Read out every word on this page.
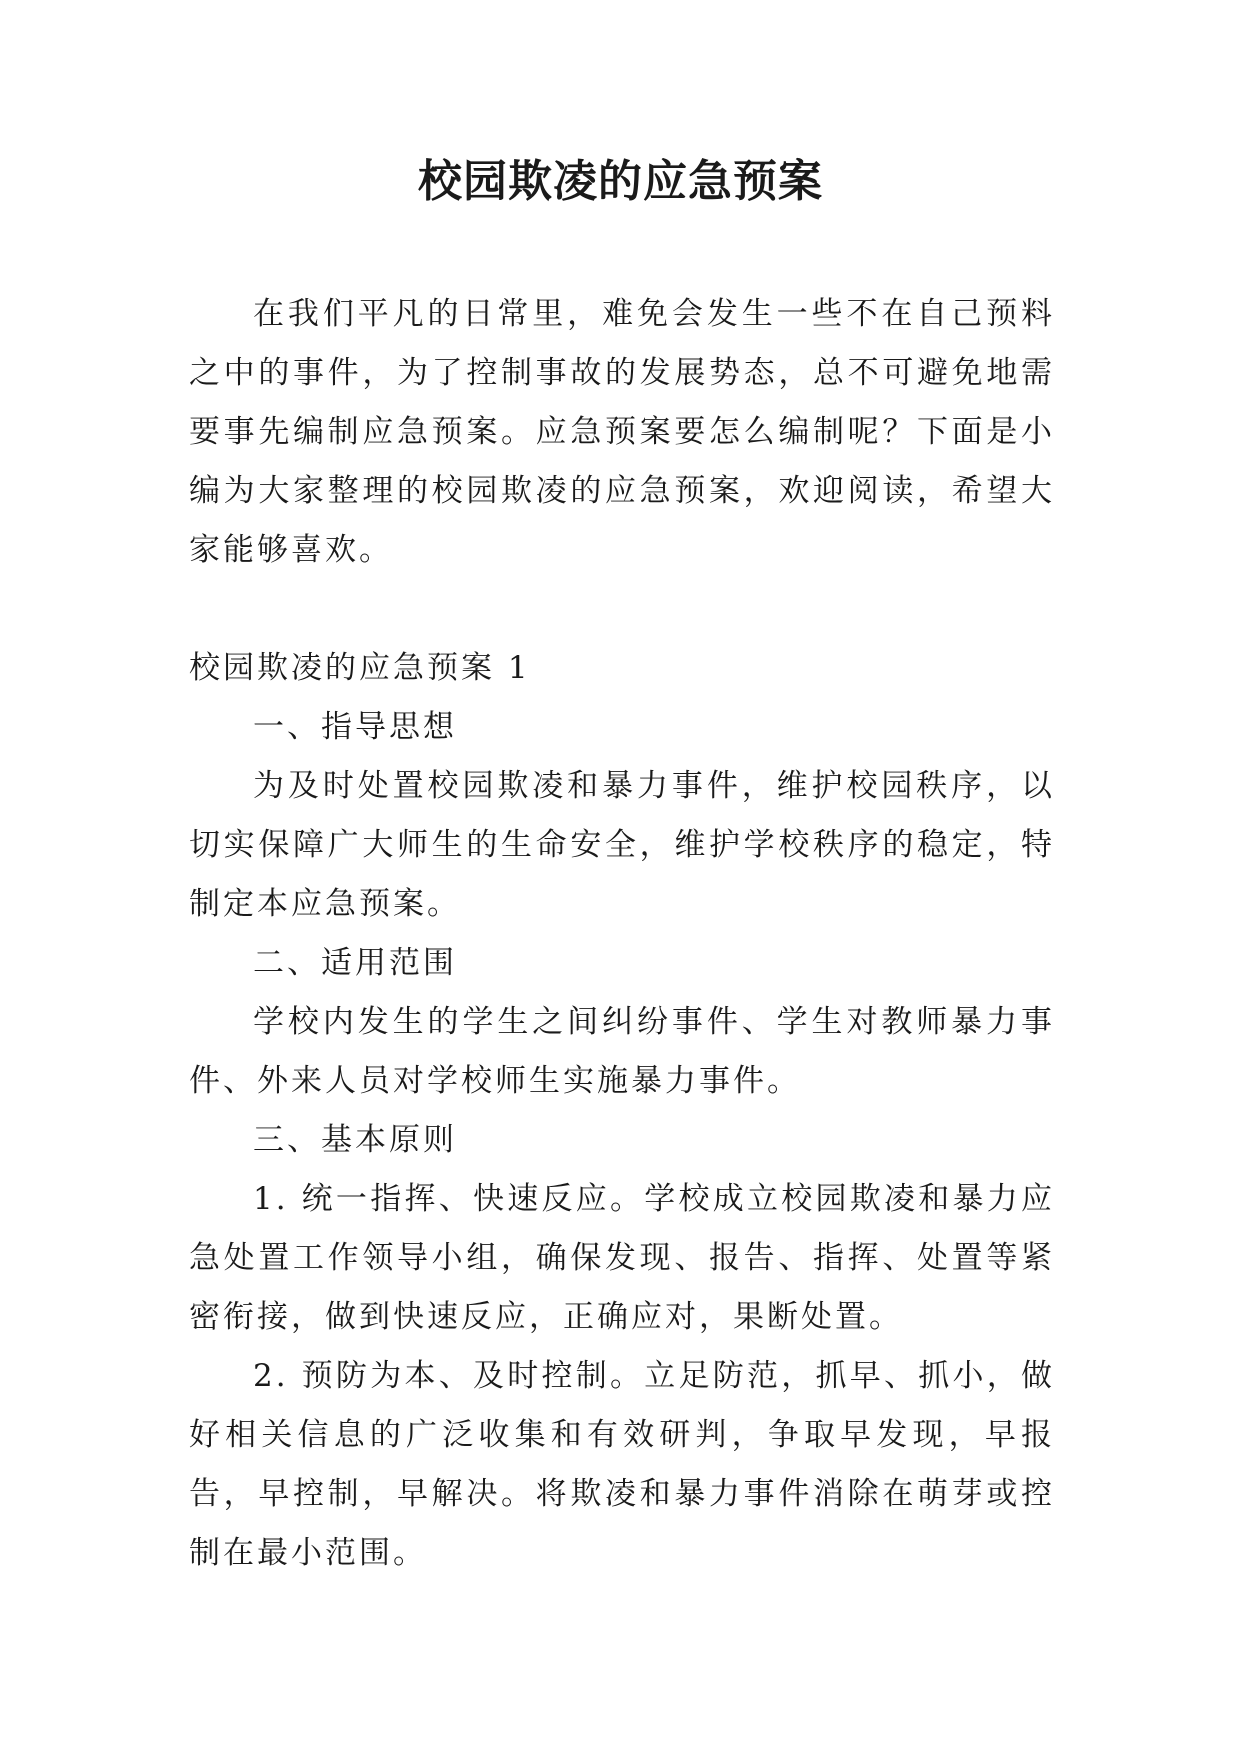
校园欺凌的应急预案

在我们平凡的日常里，难免会发生一些不在自己预料之中的事件，为了控制事故的发展势态，总不可避免地需要事先编制应急预案。应急预案要怎么编制呢？下面是小编为大家整理的校园欺凌的应急预案，欢迎阅读，希望大家能够喜欢。

校园欺凌的应急预案 1

一、指导思想

为及时处置校园欺凌和暴力事件，维护校园秩序，以切实保障广大师生的生命安全，维护学校秩序的稳定，特制定本应急预案。

二、适用范围

学校内发生的学生之间纠纷事件、学生对教师暴力事件、外来人员对学校师生实施暴力事件。

三、基本原则

1. 统一指挥、快速反应。学校成立校园欺凌和暴力应急处置工作领导小组，确保发现、报告、指挥、处置等紧密衔接，做到快速反应，正确应对，果断处置。

2. 预防为本、及时控制。立足防范，抓早、抓小，做好相关信息的广泛收集和有效研判，争取早发现，早报告，早控制，早解决。将欺凌和暴力事件消除在萌芽或控制在最小范围。
